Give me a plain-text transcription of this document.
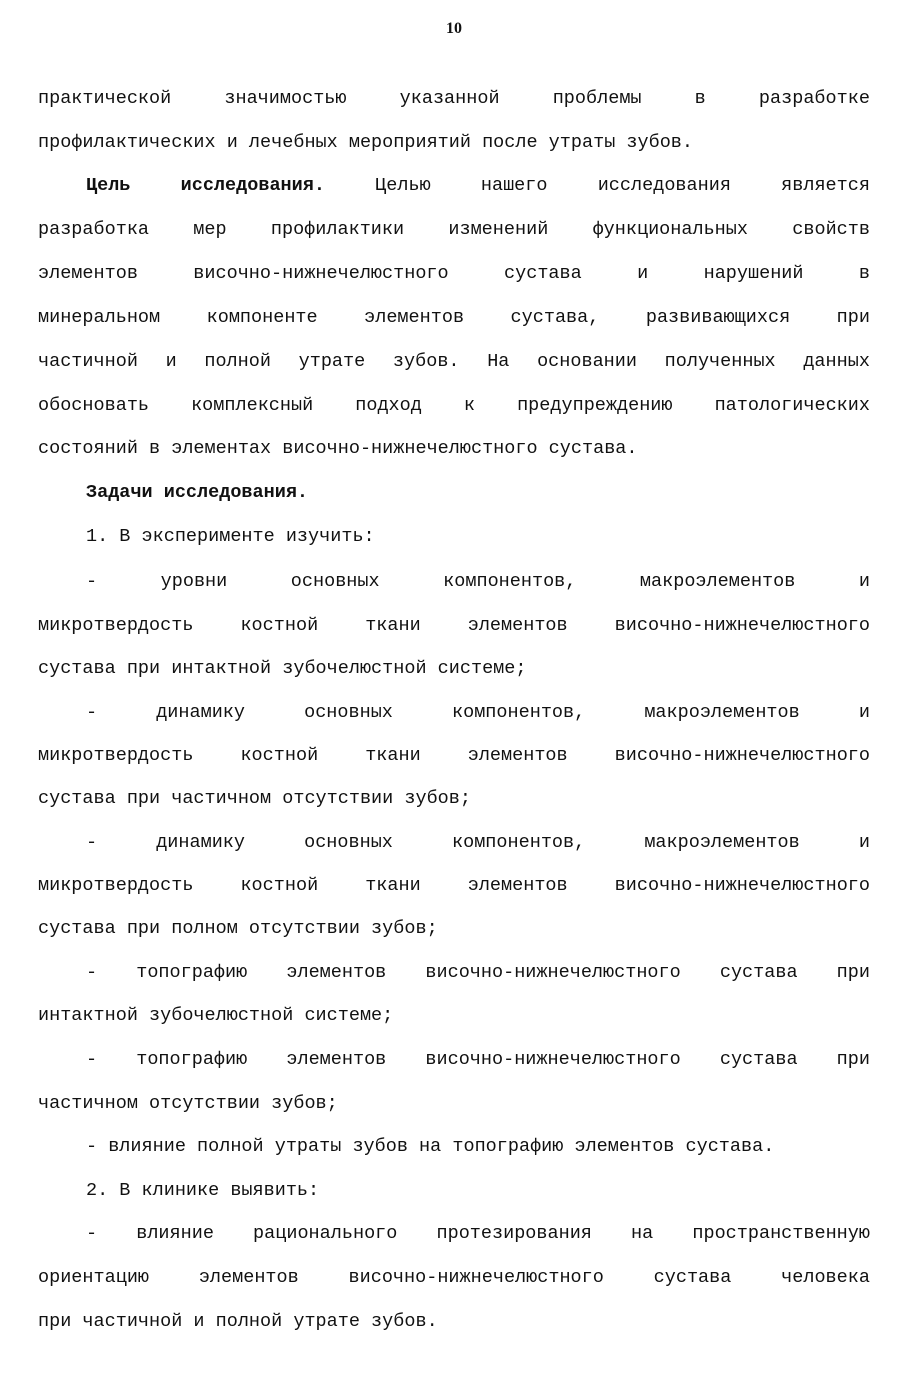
10
практической	значимостью	указанной	проблемы	в	разработке
профилактических и лечебных мероприятий после утраты зубов.
Цель	исследования.	Целью	нашего	исследования	является
разработка мер профилактики изменений функциональных свойств
элементов	височно-нижнечелюстного	сустава	и	нарушений	в
минеральном	компоненте	элементов	сустава,	развивающихся	при
частичной и полной утрате зубов. На основании полученных данных
обосновать комплексный подход к предупреждению патологических
состояний в элементах височно-нижнечелюстного сустава.
Задачи исследования.
1. В эксперименте изучить:
-	уровни	основных	компонентов,	макроэлементов	и
микротвердость	костной	ткани	элементов	височно-нижнечелюстного
сустава при интактной зубочелюстной системе;
-	динамику	основных	компонентов,	макроэлементов	и
микротвердость	костной	ткани	элементов	височно-нижнечелюстного
сустава при частичном отсутствии зубов;
-	динамику	основных	компонентов,	макроэлементов	и
микротвердость	костной	ткани	элементов	височно-нижнечелюстного
сустава при полном отсутствии зубов;
- топографию элементов височно-нижнечелюстного сустава при
интактной зубочелюстной системе;
- топографию элементов височно-нижнечелюстного сустава при
частичном отсутствии зубов;
- влияние полной утраты зубов на топографию элементов сустава.
2. В клинике выявить:
- влияние рационального протезирования на пространственную
ориентацию	элементов	височно-нижнечелюстного	сустава	человека
при частичной и полной утрате зубов.
